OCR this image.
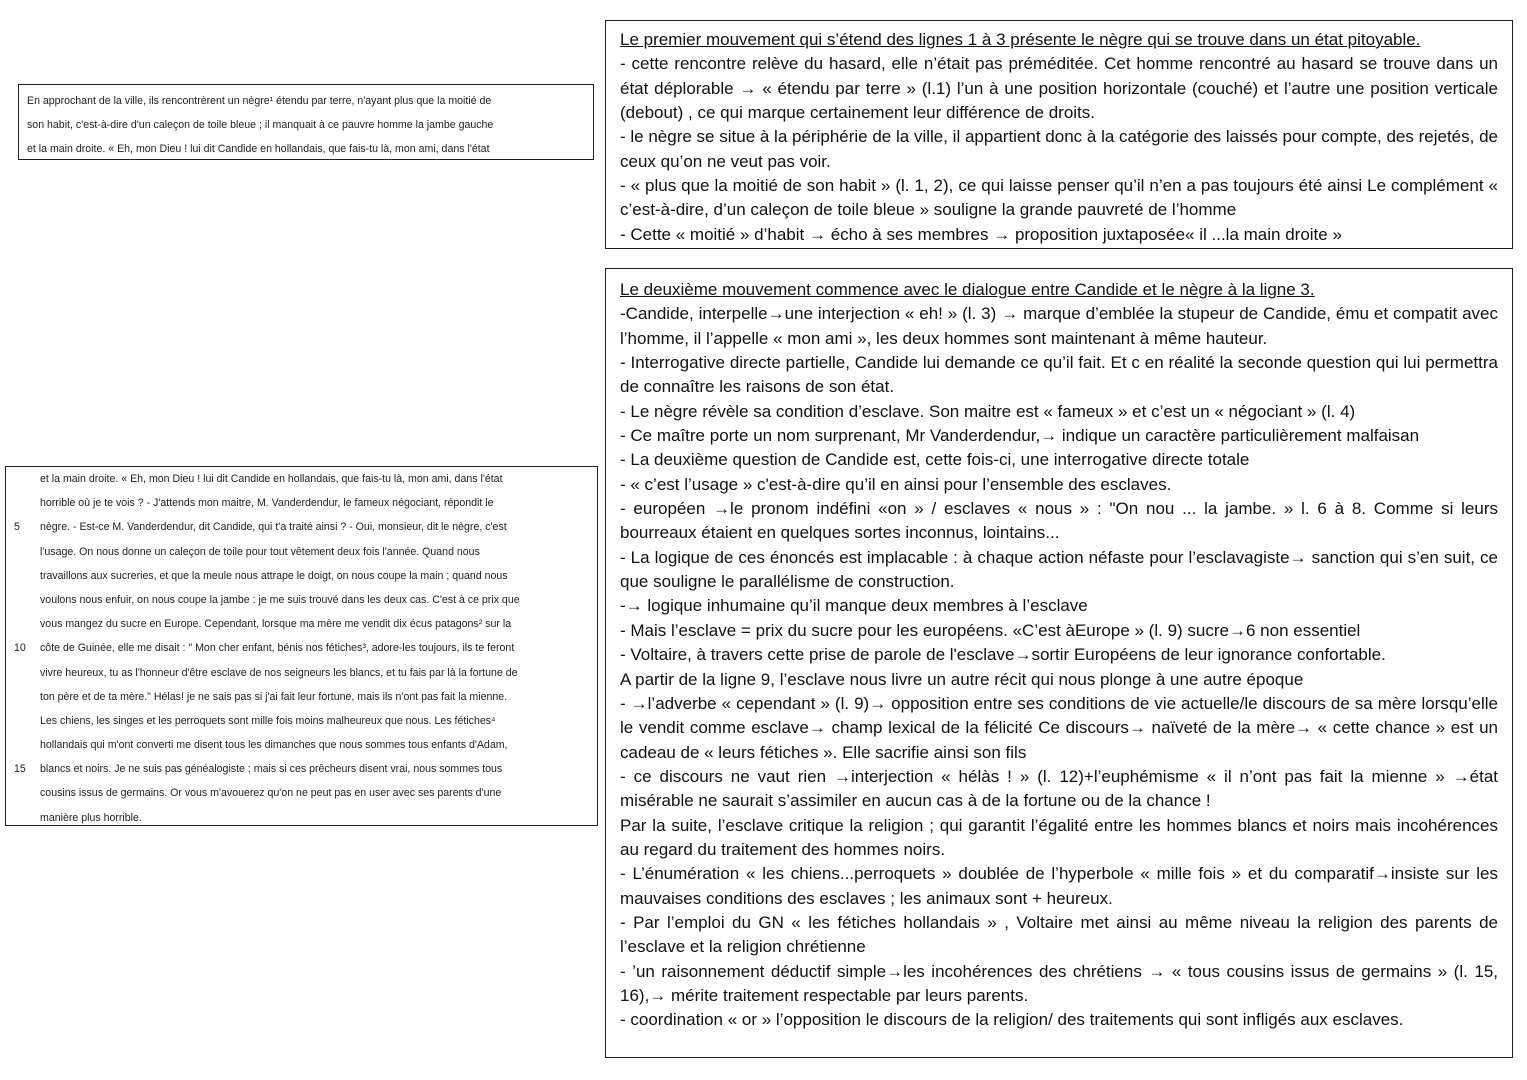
En approchant de la ville, ils rencontrèrent un nègre¹ étendu par terre, n'ayant plus que la moitié de
son habit, c'est-à-dire d'un caleçon de toile bleue ; il manquait à ce pauvre homme la jambe gauche
et la main droite. « Eh, mon Dieu ! lui dit Candide en hollandais, que fais-tu là, mon ami, dans l'état
et la main droite. « Eh, mon Dieu ! lui dit Candide en hollandais, que fais-tu là, mon ami, dans l'état
horrible où je te vois ? - J'attends mon maitre, M. Vanderdendur, le fameux négociant, répondit le
5	nègre. - Est-ce M. Vanderdendur, dit Candide, qui t'a traité ainsi ? - Oui, monsieur, dit le nègre, c'est
l'usage. On nous donne un caleçon de toile pour tout vêtement deux fois l'année. Quand nous
travaillons aux sucreries, et que la meule nous attrape le doigt, on nous coupe la main ; quand nous
voulons nous enfuir, on nous coupe la jambe : je me suis trouvé dans les deux cas. C'est à ce prix que
vous mangez du sucre en Europe. Cependant, lorsque ma mère me vendit dix écus patagons² sur la
10	côte de Guinée, elle me disait : " Mon cher enfant, bénis nos fétiches³, adore-les toujours, ils te feront
vivre heureux, tu as l'honneur d'être esclave de nos seigneurs les blancs, et tu fais par là la fortune de
ton père et de ta mère." Hélas! je ne sais pas si j'ai fait leur fortune, mais ils n'ont pas fait la mienne.
Les chiens, les singes et les perroquets sont mille fois moins malheureux que nous. Les fétiches⁴
hollandais qui m'ont converti me disent tous les dimanches que nous sommes tous enfants d'Adam,
15	blancs et noirs. Je ne suis pas généalogiste ; mais si ces prêcheurs disent vrai, nous sommes tous
cousins issus de germains. Or vous m'avouerez qu'on ne peut pas en user avec ses parents d'une
manière plus horrible.
Le premier mouvement qui s’étend des lignes 1 à 3 présente le nègre qui se trouve dans un état pitoyable.
- cette rencontre relève du hasard, elle n’était pas préméditée. Cet homme rencontré au hasard se trouve dans un état déplorable → « étendu par terre » (l.1) l’un à une position horizontale (couché) et l’autre une position verticale (debout) , ce qui marque certainement leur différence de droits.
- le nègre se situe à la périphérie de la ville, il appartient donc à la catégorie des laissés pour compte, des rejetés, de ceux qu’on ne veut pas voir.
- « plus que la moitié de son habit » (l. 1, 2), ce qui laisse penser qu’il n’en a pas toujours été ainsi Le complément « c’est-à-dire, d’un caleçon de toile bleue » souligne la grande pauvreté de l’homme
- Cette « moitié » d’habit → écho à ses membres → proposition juxtaposée« il ...la main droite »
Le deuxième mouvement commence avec le dialogue entre Candide et le nègre à la ligne 3.
-Candide, interpelle→une interjection « eh! » (l. 3) → marque d’emblée la stupeur de Candide, ému et compatit avec l’homme, il l’appelle « mon ami », les deux hommes sont maintenant à même hauteur.
- Interrogative directe partielle, Candide lui demande ce qu’il fait. Et c en réalité la seconde question qui lui permettra de connaître les raisons de son état.
- Le nègre révèle sa condition d’esclave. Son maitre est « fameux » et c’est un « négociant » (l. 4)
- Ce maître porte un nom surprenant, Mr Vanderdendur,→ indique un caractère particulièrement malfaisan
- La deuxième question de Candide est, cette fois-ci, une interrogative directe totale
- « c’est l’usage » c'est-à-dire qu’il en ainsi pour l’ensemble des esclaves.
- européen →le pronom indéfini «on » / esclaves « nous » : "On nou ... la jambe. » l. 6 à 8. Comme si leurs bourreaux étaient en quelques sortes inconnus, lointains...
- La logique de ces énoncés est implacable : à chaque action néfaste pour l’esclavagiste→ sanction qui s’en suit, ce que souligne le parallélisme de construction.
-→ logique inhumaine qu’il manque deux membres à l’esclave
- Mais l’esclave = prix du sucre pour les européens. «C’est àEurope » (l. 9) sucre→6 non essentiel
- Voltaire, à travers cette prise de parole de l'esclave→sortir Européens de leur ignorance confortable.
A partir de la ligne 9, l’esclave nous livre un autre récit qui nous plonge à une autre époque
- →l’adverbe « cependant » (l. 9)→ opposition entre ses conditions de vie actuelle/le discours de sa mère lorsqu’elle le vendit comme esclave→ champ lexical de la félicité Ce discours→ naïveté de la mère→ « cette chance » est un cadeau de « leurs fétiches ». Elle sacrifie ainsi son fils
- ce discours ne vaut rien →interjection « hélàs ! » (l. 12)+l’euphémisme « il n’ont pas fait la mienne » →état misérable ne saurait s’assimiler en aucun cas à de la fortune ou de la chance !
Par la suite, l’esclave critique la religion ; qui garantit l’égalité entre les hommes blancs et noirs mais incohérences au regard du traitement des hommes noirs.
- L’énumération « les chiens...perroquets » doublée de l’hyperbole « mille fois » et du comparatif→insiste sur les mauvaises conditions des esclaves ; les animaux sont + heureux.
- Par l’emploi du GN « les fétiches hollandais » , Voltaire met ainsi au même niveau la religion des parents de l’esclave et la religion chrétienne
- ’un raisonnement déductif simple→les incohérences des chrétiens → « tous cousins issus de germains » (l. 15, 16),→ mérite traitement respectable par leurs parents.
- coordination « or » l’opposition le discours de la religion/ des traitements qui sont infligés aux esclaves.
